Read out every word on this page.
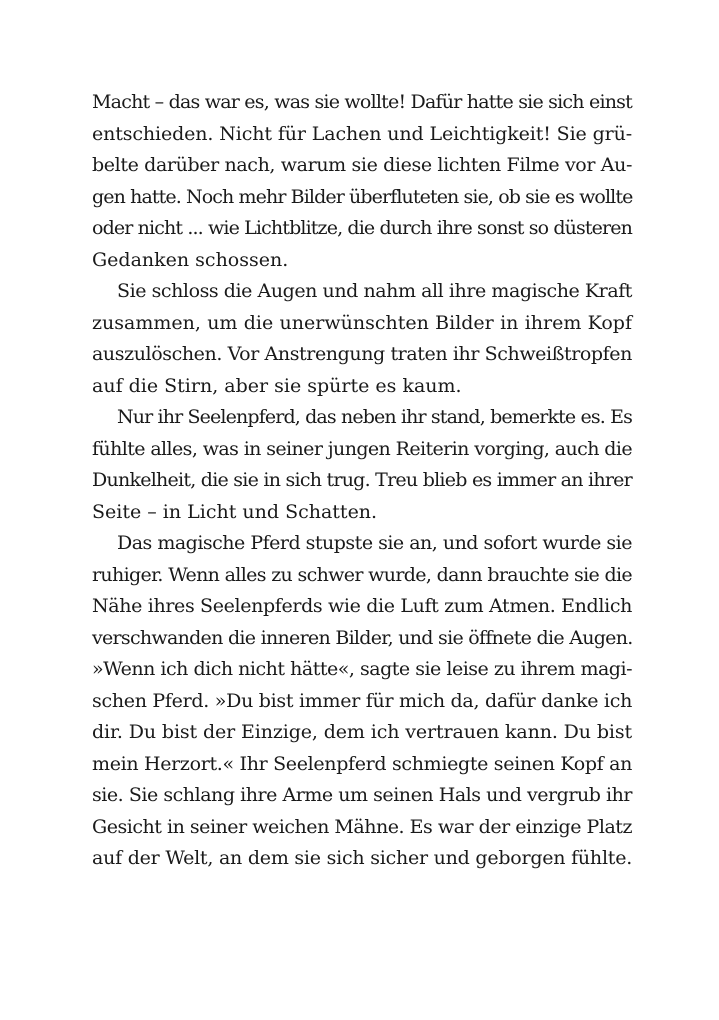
Macht – das war es, was sie wollte! Dafür hatte sie sich einst
entschieden. Nicht für Lachen und Leichtigkeit! Sie grü-
belte darüber nach, warum sie diese lichten Filme vor Au-
gen hatte. Noch mehr Bilder überfluteten sie, ob sie es wollte
oder nicht ... wie Lichtblitze, die durch ihre sonst so düsteren
Gedanken schossen.
Sie schloss die Augen und nahm all ihre magische Kraft
zusammen, um die unerwünschten Bilder in ihrem Kopf
auszulöschen. Vor Anstrengung traten ihr Schweißtropfen
auf die Stirn, aber sie spürte es kaum.
Nur ihr Seelenpferd, das neben ihr stand, bemerkte es. Es
fühlte alles, was in seiner jungen Reiterin vorging, auch die
Dunkelheit, die sie in sich trug. Treu blieb es immer an ihrer
Seite – in Licht und Schatten.
Das magische Pferd stupste sie an, und sofort wurde sie
ruhiger. Wenn alles zu schwer wurde, dann brauchte sie die
Nähe ihres Seelenpferds wie die Luft zum Atmen. Endlich
verschwanden die inneren Bilder, und sie öffnete die Augen.
»Wenn ich dich nicht hätte«, sagte sie leise zu ihrem magi-
schen Pferd. »Du bist immer für mich da, dafür danke ich
dir. Du bist der Einzige, dem ich vertrauen kann. Du bist
mein Herzort.« Ihr Seelenpferd schmiegte seinen Kopf an
sie. Sie schlang ihre Arme um seinen Hals und vergrub ihr
Gesicht in seiner weichen Mähne. Es war der einzige Platz
auf der Welt, an dem sie sich sicher und geborgen fühlte.
